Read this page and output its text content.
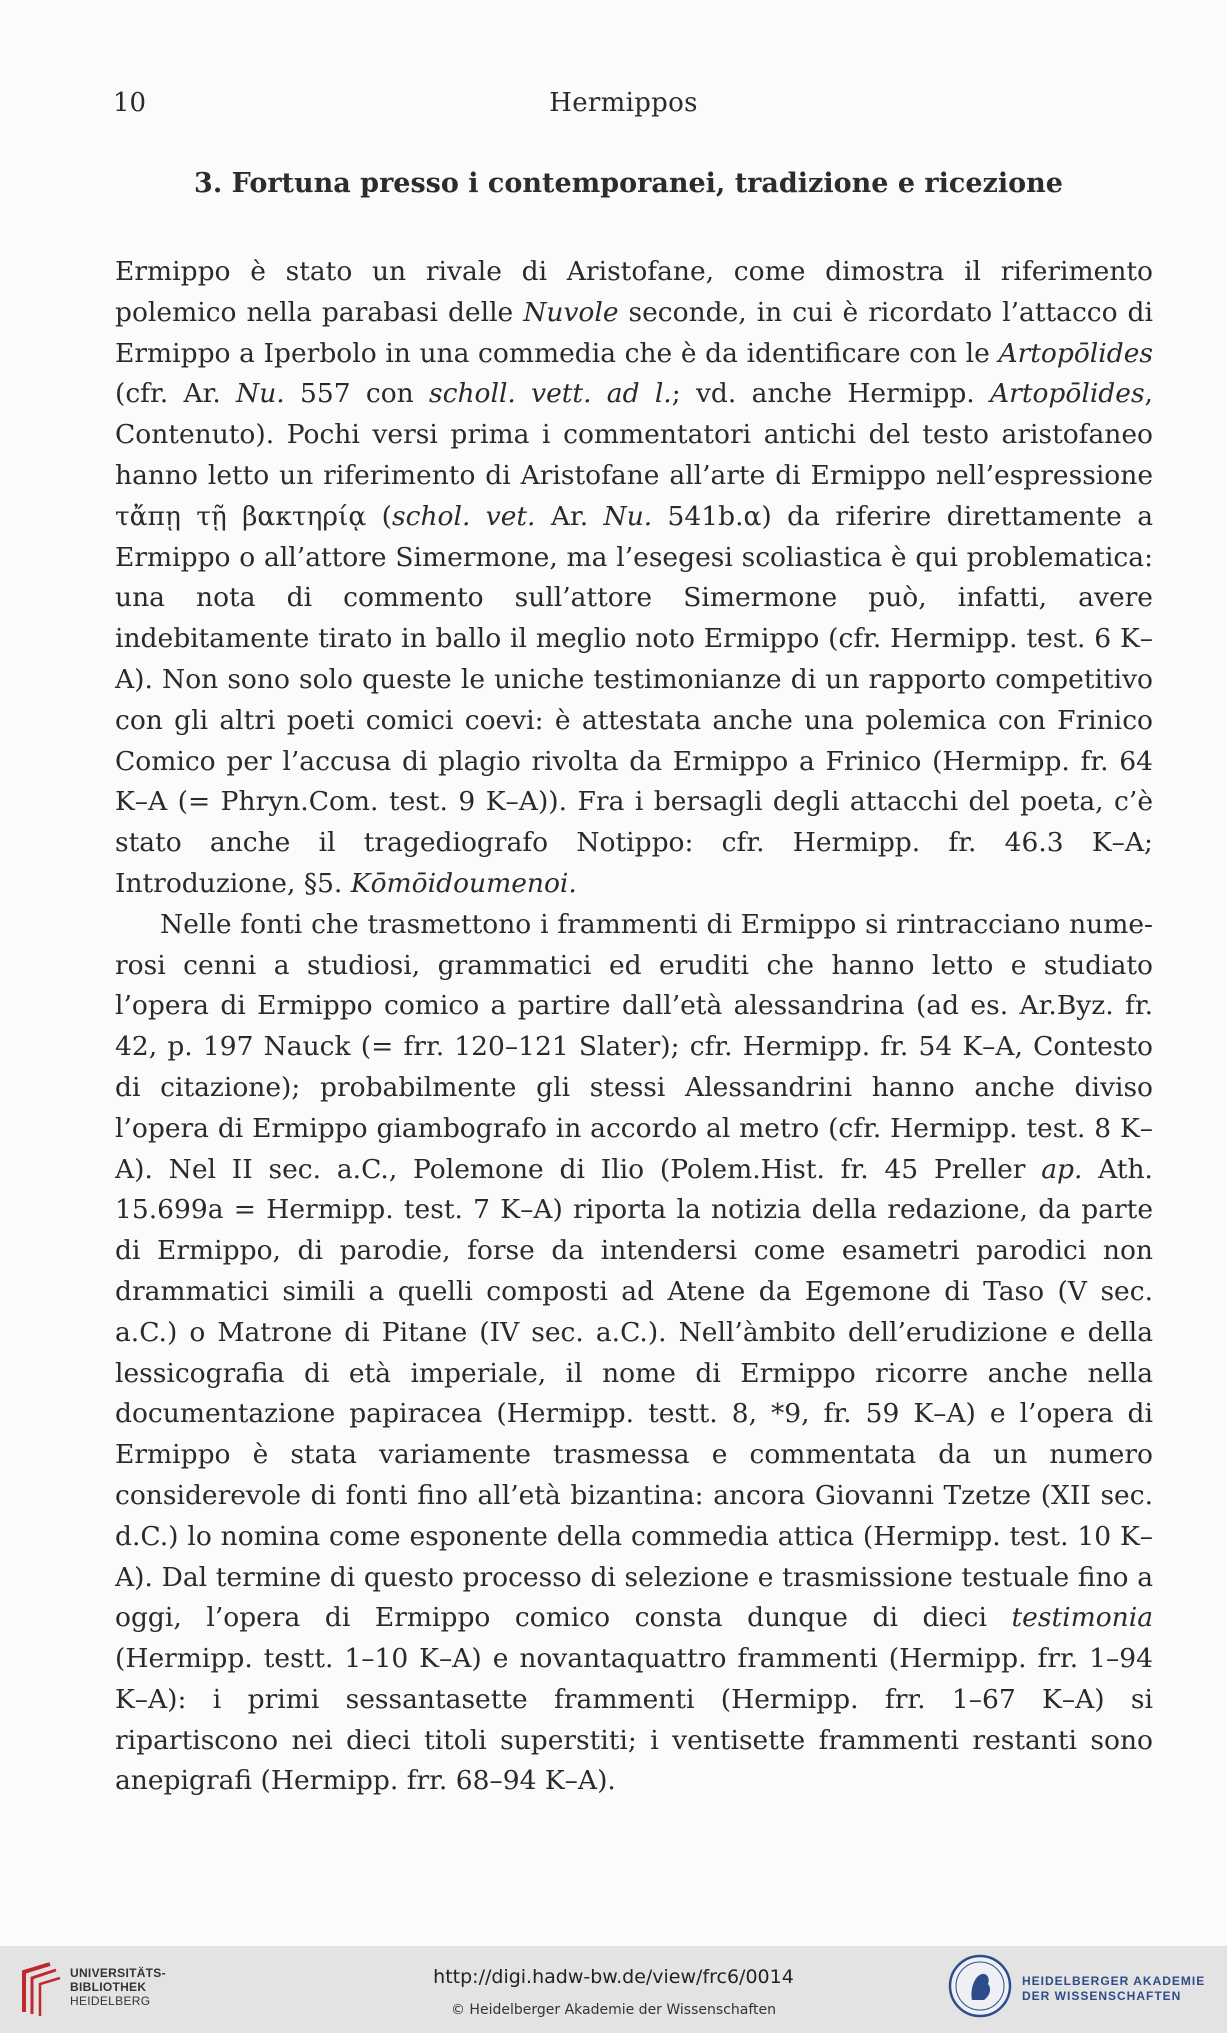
10	Hermippos
3. Fortuna presso i contemporanei, tradizione e ricezione

Ermippo è stato un rivale di Aristofane, come dimostra il riferimento polemico nella parabasi delle Nuvole seconde, in cui è ricordato l’attacco di Ermippo a Iperbolo in una commedia che è da identificare con le Artopōlides (cfr. Ar. Nu. 557 con scholl. vett. ad l.; vd. anche Hermipp. Artopōlides, Contenuto). Pochi versi prima i commentatori antichi del testo aristofaneo hanno letto un riferimento di Aristofane all’arte di Ermippo nell’espressione τἄπῃ τῇ βακτηρίᾳ (schol. vet. Ar. Nu. 541b.α) da riferire direttamente a Ermippo o all’attore Simermone, ma l’esegesi scoliastica è qui problematica: una nota di commento sull’attore Simermone può, infatti, avere indebitamente tirato in ballo il meglio noto Ermippo (cfr. Hermipp. test. 6 K–A). Non sono solo queste le uniche testimonianze di un rapporto competitivo con gli altri poeti comici coevi: è attestata anche una polemica con Frinico Comico per l’accusa di plagio rivolta da Ermippo a Frinico (Hermipp. fr. 64 K–A (= Phryn.Com. test. 9 K–A)). Fra i bersagli degli attacchi del poeta, c’è stato anche il tragediografo Notippo: cfr. Hermipp. fr. 46.3 K–A; Introduzione, §5. Kōmōidoumenoi.

Nelle fonti che trasmettono i frammenti di Ermippo si rintracciano nume-rosi cenni a studiosi, grammatici ed eruditi che hanno letto e studiato l’opera di Ermippo comico a partire dall’età alessandrina (ad es. Ar.Byz. fr. 42, p. 197 Nauck (= frr. 120–121 Slater); cfr. Hermipp. fr. 54 K–A, Contesto di citazione); probabilmente gli stessi Alessandrini hanno anche diviso l’opera di Ermippo giambografo in accordo al metro (cfr. Hermipp. test. 8 K–A). Nel II sec. a.C., Polemone di Ilio (Polem.Hist. fr. 45 Preller ap. Ath. 15.699a = Hermipp. test. 7 K–A) riporta la notizia della redazione, da parte di Ermippo, di parodie, forse da intendersi come esametri parodici non drammatici simili a quelli composti ad Atene da Egemone di Taso (V sec. a.C.) o Matrone di Pitane (IV sec. a.C.). Nell’àmbito dell’erudizione e della lessicografia di età imperiale, il nome di Ermippo ricorre anche nella documentazione papiracea (Hermipp. testt. 8, *9, fr. 59 K–A) e l’opera di Ermippo è stata variamente trasmessa e commentata da un numero considerevole di fonti fino all’età bizantina: ancora Giovanni Tzetze (XII sec. d.C.) lo nomina come esponente della commedia attica (Hermipp. test. 10 K–A). Dal termine di questo processo di selezione e trasmissione testuale fino a oggi, l’opera di Ermippo comico consta dunque di dieci testimonia (Hermipp. testt. 1–10 K–A) e novantaquattro frammenti (Hermipp. frr. 1–94 K–A): i primi sessantasette frammenti (Hermipp. frr. 1–67 K–A) si ripartiscono nei dieci titoli superstiti; i ventisette frammenti restanti sono anepigrafi (Hermipp. frr. 68–94 K–A).

UNIVERSITÄTS-
BIBLIOTHEK
HEIDELBERG
http://digi.hadw-bw.de/view/frc6/0014
© Heidelberger Akademie der Wissenschaften
HEIDELBERGER AKADEMIE
DER WISSENSCHAFTEN
